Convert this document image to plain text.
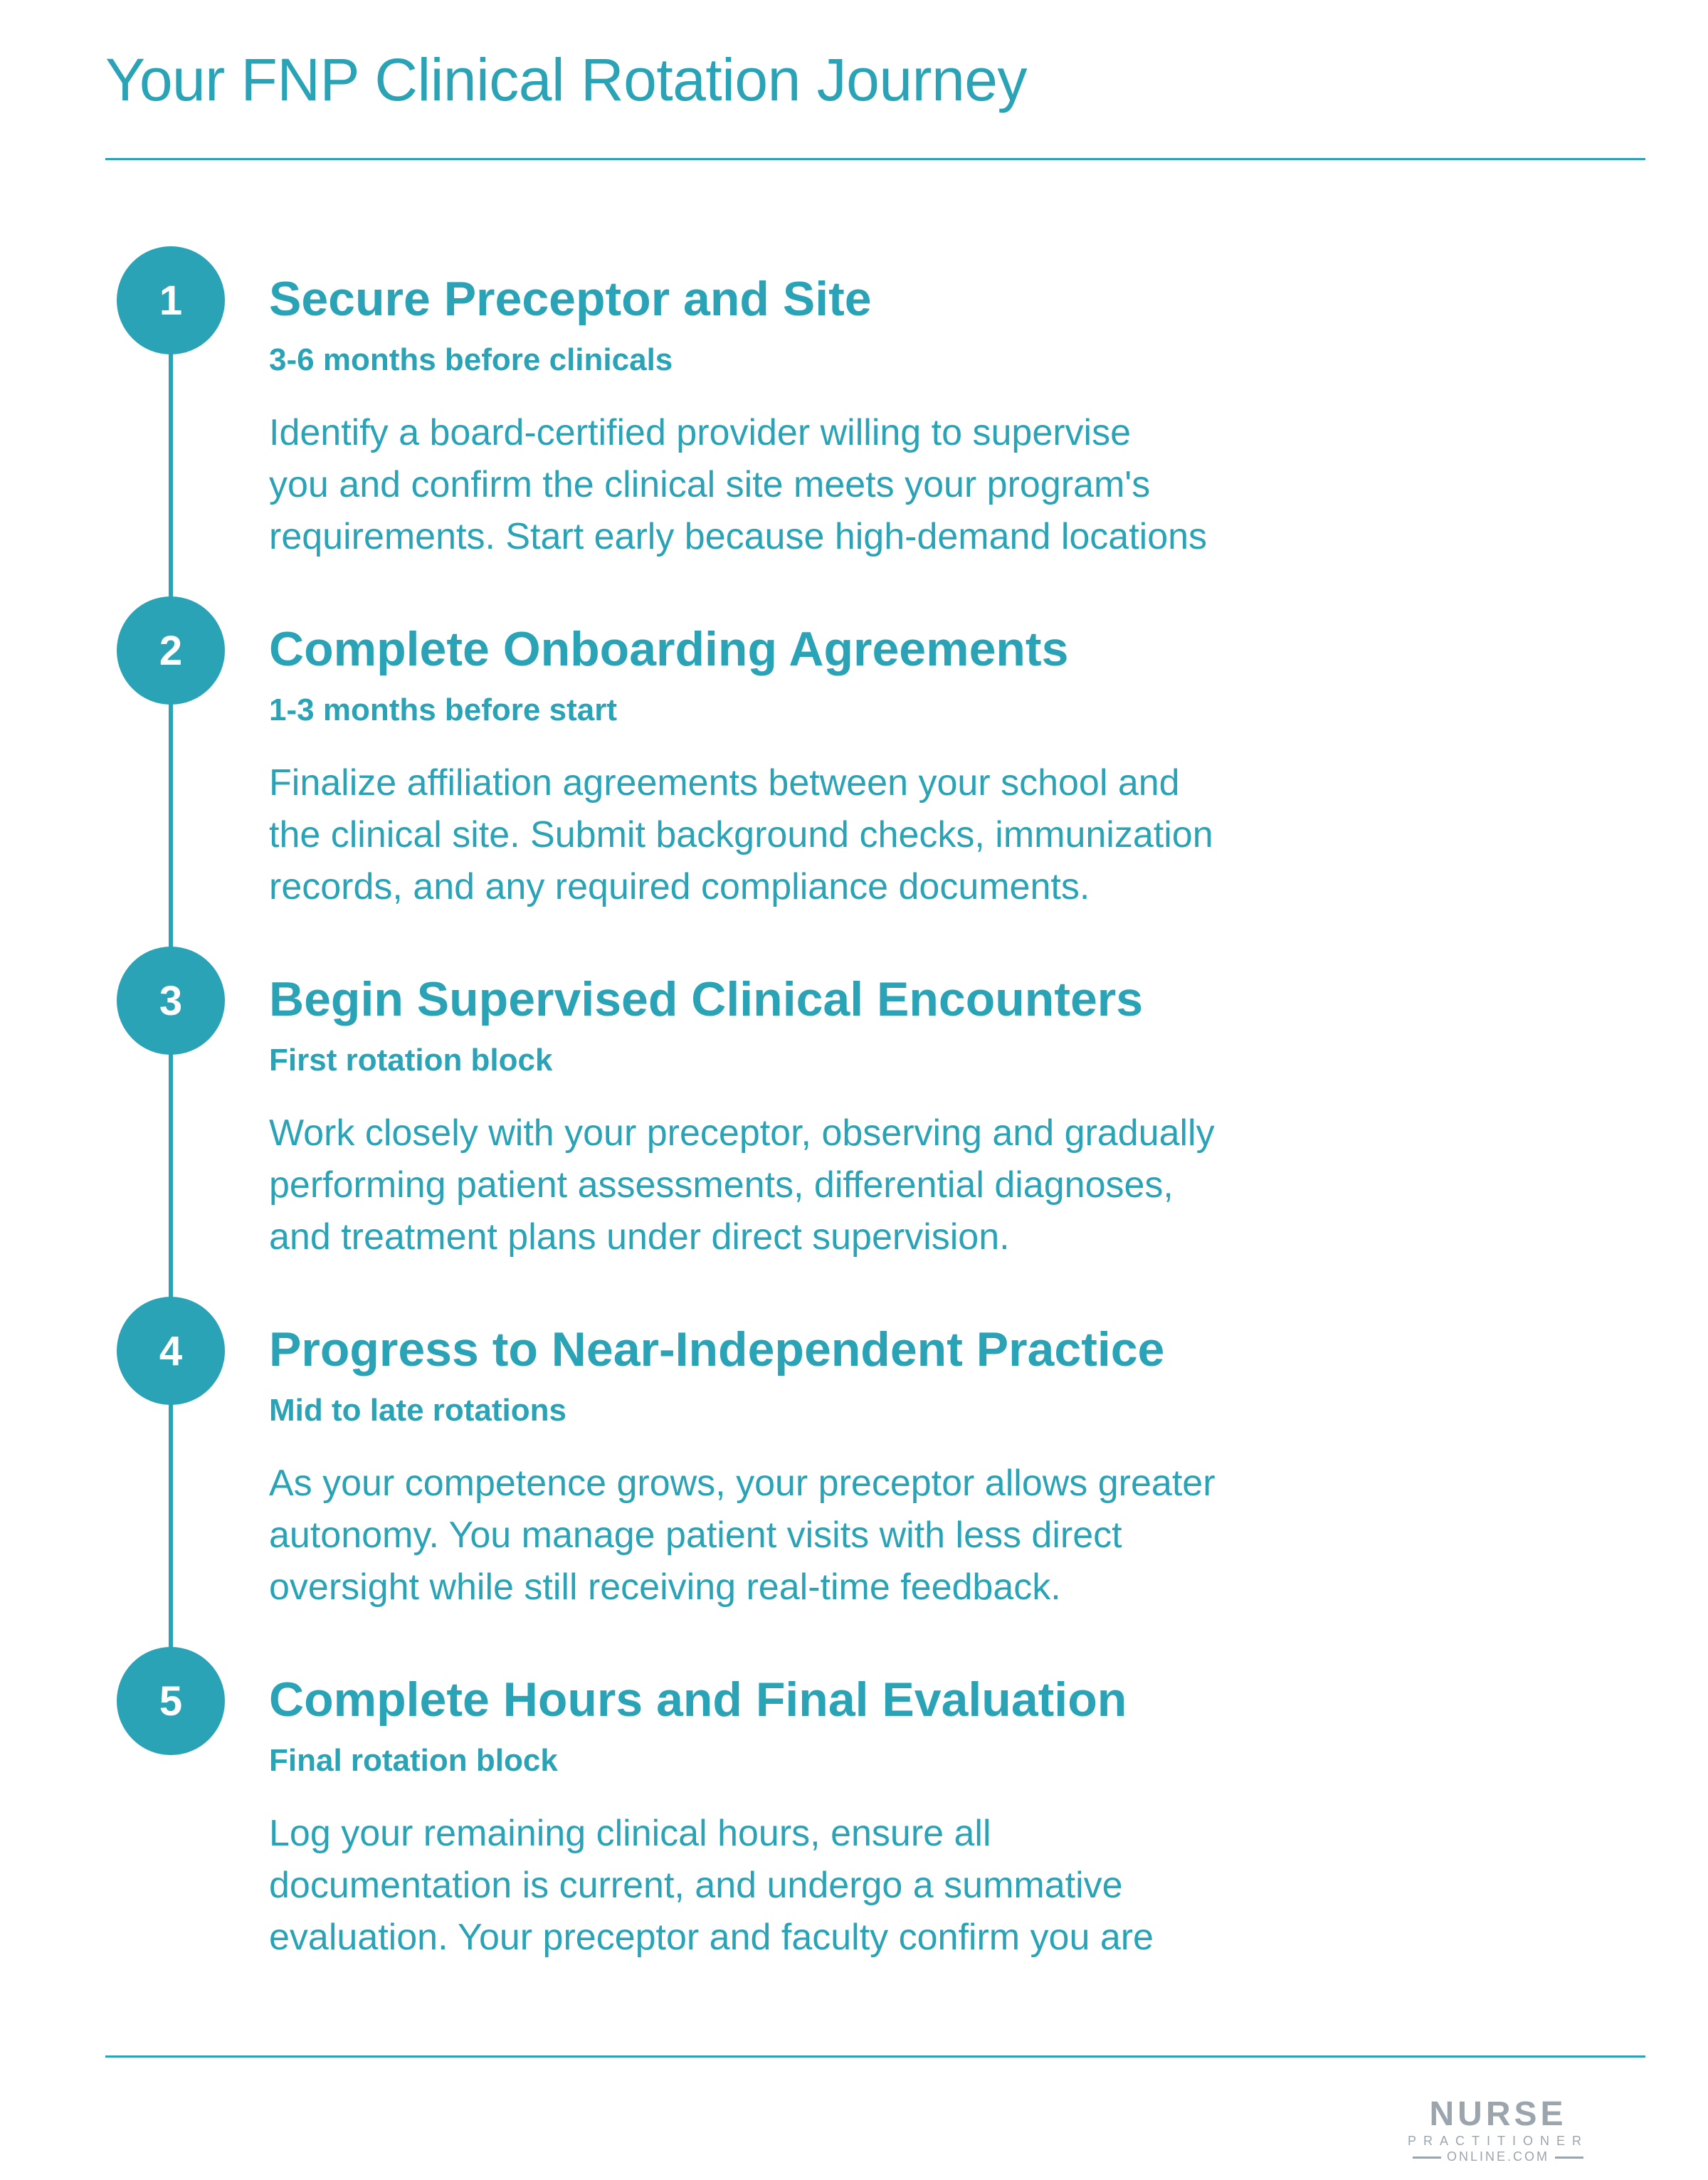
Your FNP Clinical Rotation Journey
1	Secure Preceptor and Site
3-6 months before clinicals
Identify a board-certified provider willing to supervise
you and confirm the clinical site meets your program's
requirements. Start early because high-demand locations
2	Complete Onboarding Agreements
1-3 months before start
Finalize affiliation agreements between your school and
the clinical site. Submit background checks, immunization
records, and any required compliance documents.
3	Begin Supervised Clinical Encounters
First rotation block
Work closely with your preceptor, observing and gradually
performing patient assessments, differential diagnoses,
and treatment plans under direct supervision.
4	Progress to Near-Independent Practice
Mid to late rotations
As your competence grows, your preceptor allows greater
autonomy. You manage patient visits with less direct
oversight while still receiving real-time feedback.
5	Complete Hours and Final Evaluation
Final rotation block
Log your remaining clinical hours, ensure all
documentation is current, and undergo a summative
evaluation. Your preceptor and faculty confirm you are
NURSE
PRACTITIONER
ONLINE.COM
